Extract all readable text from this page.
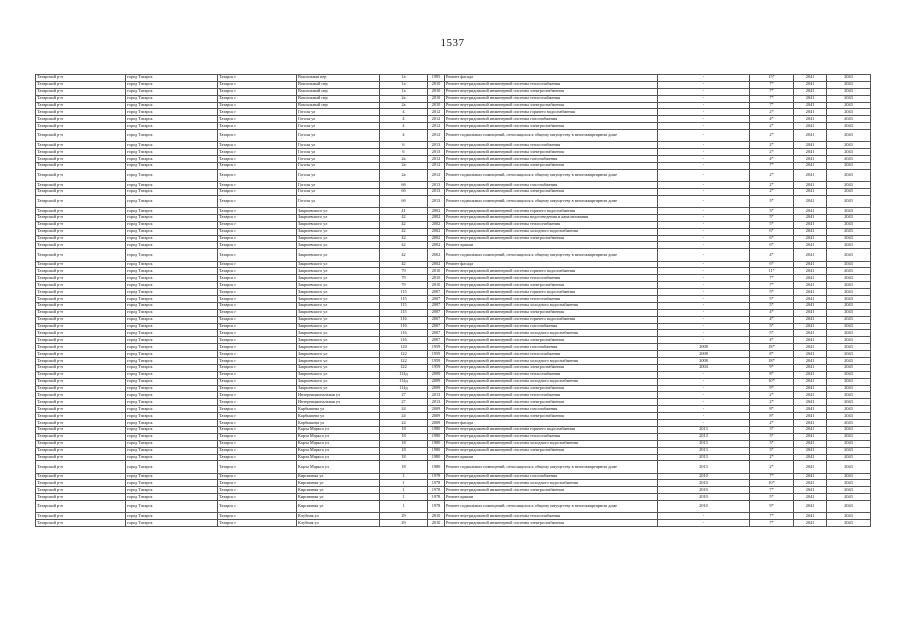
1537
Татарский р-н	город Татарск	Татарск г	Вокзальная пер	1а	1995	Ремонт фасада	-	15*	2041	2043
Татарский р-н	город Татарск	Татарск г	Вокзальный пер	1а	2010	Ремонт внутридомовой инженерной системы теплоснабжения	-	7*	2041	2043
Татарский р-н	город Татарск	Татарск г	Вокзальный пер	1а	2010	Ремонт внутридомовой инженерной системы электроснабжения	-	7*	2041	2043
Татарский р-н	город Татарск	Татарск г	Вокзальный пер	2а	2010	Ремонт внутридомовой инженерной системы теплоснабжения	-	7*	2041	2043
Татарский р-н	город Татарск	Татарск г	Вокзальный пер	2а	2010	Ремонт внутридомовой инженерной системы электроснабжения	-	7*	2041	2043
Татарский р-н	город Татарск	Татарск г	Гоголя ул	4	2012	Ремонт внутридомовой инженерной системы горячего водоснабжения	-	2*	2041	2043
Татарский р-н	город Татарск	Татарск г	Гоголя ул	4	2012	Ремонт внутридомовой инженерной системы газоснабжения	-	4*	2041	2043
Татарский р-н	город Татарск	Татарск г	Гоголя ул	4	2012	Ремонт внутридомовой инженерной системы электроснабжения	-	2*	2041	2043
Татарский р-н	город Татарск	Татарск г	Гоголя ул	4	2012	Ремонт подвальных помещений, относящихся к общему имуществу в многоквартирном доме	-	2*	2041	2043
Татарский р-н	город Татарск	Татарск г	Гоголя ул	6	2013	Ремонт внутридомовой инженерной системы теплоснабжения	-	2*	2041	2043
Татарский р-н	город Татарск	Татарск г	Гоголя ул	6	2013	Ремонт внутридомовой инженерной системы электроснабжения	-	2*	2041	2043
Татарский р-н	город Татарск	Татарск г	Гоголя ул	2а	2012	Ремонт внутридомовой инженерной системы газоснабжения	-	4*	2041	2043
Татарский р-н	город Татарск	Татарск г	Гоголя ул	2а	2012	Ремонт внутридомовой инженерной системы электроснабжения	-	7*	2041	2043
Татарский р-н	город Татарск	Татарск г	Гоголя ул	2а	2012	Ремонт подвальных помещений, относящихся к общему имуществу в многоквартирном доме	-	2*	2041	2043
Татарский р-н	город Татарск	Татарск г	Гоголя ул	6б	2013	Ремонт внутридомовой инженерной системы газоснабжения	-	2*	2041	2043
Татарский р-н	город Татарск	Татарск г	Гоголя ул	6б	2013	Ремонт внутридомовой инженерной системы электроснабжения	-	2*	2041	2043
Татарский р-н	город Татарск	Татарск г	Гоголя ул	6б	2013	Ремонт подвальных помещений, относящихся к общему имуществу в многоквартирном доме	-	3*	2041	2043
Татарский р-н	город Татарск	Татарск г	Закриевского ул	41	2002	Ремонт внутридомовой инженерной системы горячего водоснабжения	-	3*	2041	2043
Татарский р-н	город Татарск	Татарск г	Закриевского ул	42	2002	Ремонт внутридомовой инженерной системы водоотведения и канализования	-	5*	2041	2043
Татарский р-н	город Татарск	Татарск г	Закриевского ул	42	2002	Ремонт внутридомовой инженерной системы теплоснабжения	-	5*	2041	2043
Татарский р-н	город Татарск	Татарск г	Закриевского ул	42	2002	Ремонт внутридомовой инженерной системы холодного водоснабжения	-	6*	2041	2043
Татарский р-н	город Татарск	Татарск г	Закриевского ул	42	2002	Ремонт внутридомовой инженерной системы электроснабжения	-	6*	2041	2043
Татарский р-н	город Татарск	Татарск г	Закриевского ул	42	2002	Ремонт крыши	-	6*	2041	2043
Татарский р-н	город Татарск	Татарск г	Закриевского ул	42	2002	Ремонт подвальных помещений, относящихся к общему имуществу в многоквартирном доме	-	4*	2041	2043
Татарский р-н	город Татарск	Татарск г	Закриевского ул	42	2002	Ремонт фасада	-	6*	2041	2043
Татарский р-н	город Татарск	Татарск г	Закриевского ул	79	2010	Ремонт внутридомовой инженерной системы горячего водоснабжения	-	11*	2041	2043
Татарский р-н	город Татарск	Татарск г	Закриевского ул	79	2010	Ремонт внутридомовой инженерной системы теплоснабжения	-	7*	2041	2043
Татарский р-н	город Татарск	Татарск г	Закриевского ул	79	2010	Ремонт внутридомовой инженерной системы электроснабжения	-	7*	2041	2043
Татарский р-н	город Татарск	Татарск г	Закриевского ул	115	2007	Ремонт внутридомовой инженерной системы горячего водоснабжения	-	5*	2041	2043
Татарский р-н	город Татарск	Татарск г	Закриевского ул	115	2007	Ремонт внутридомовой инженерной системы теплоснабжения	-	5*	2041	2043
Татарский р-н	город Татарск	Татарск г	Закриевского ул	115	2007	Ремонт внутридомовой инженерной системы холодного водоснабжения	-	5*	2041	2043
Татарский р-н	город Татарск	Татарск г	Закриевского ул	115	2007	Ремонт внутридомовой инженерной системы электроснабжения	-	4*	2041	2043
Татарский р-н	город Татарск	Татарск г	Закриевского ул	116	2007	Ремонт внутридомовой инженерной системы горячего водоснабжения	-	4*	2041	2043
Татарский р-н	город Татарск	Татарск г	Закриевского ул	116	2007	Ремонт внутридомовой инженерной системы газоснабжения	-	5*	2041	2043
Татарский р-н	город Татарск	Татарск г	Закриевского ул	116	2007	Ремонт внутридомовой инженерной системы холодного водоснабжения	-	5*	2041	2043
Татарский р-н	город Татарск	Татарск г	Закриевского ул	116	2007	Ремонт внутридомовой инженерной системы электроснабжения	-	4*	2041	2043
Татарский р-н	город Татарск	Татарск г	Закриевского ул	120	1959	Ремонт внутридомовой инженерной системы газоснабжения	2008	18*	2041	2043
Татарский р-н	город Татарск	Татарск г	Закриевского ул	122	1959	Ремонт внутридомовой инженерной системы теплоснабжения	2008	8*	2041	2043
Татарский р-н	город Татарск	Татарск г	Закриевского ул	122	1959	Ремонт внутридомовой инженерной системы холодного водоснабжения	2008	18*	2041	2043
Татарский р-н	город Татарск	Татарск г	Закриевского ул	122	1959	Ремонт внутридомовой инженерной системы электроснабжения	2004	9*	2041	2043
Татарский р-н	город Татарск	Татарск г	Закриевского ул	114д	2009	Ремонт внутридомовой инженерной системы теплоснабжения	-	8*	2041	2043
Татарский р-н	город Татарск	Татарск г	Закриевского ул	114д	2009	Ремонт внутридомовой инженерной системы холодного водоснабжения	-	10*	2041	2043
Татарский р-н	город Татарск	Татарск г	Закриевского ул	114д	2009	Ремонт внутридомовой инженерной системы электроснабжения	-	9*	2041	2043
Татарский р-н	город Татарск	Татарск г	Интернациональная ул	27	2013	Ремонт внутридомовой инженерной системы теплоснабжения	-	2*	2041	2043
Татарский р-н	город Татарск	Татарск г	Интернациональная ул	27	2013	Ремонт внутридомовой инженерной системы электроснабжения	-	2*	2041	2043
Татарский р-н	город Татарск	Татарск г	Карбышева ул	24	2009	Ремонт внутридомовой инженерной системы газоснабжения	-	8*	2041	2043
Татарский р-н	город Татарск	Татарск г	Карбышева ул	24	2009	Ремонт внутридомовой инженерной системы электроснабжения	-	8*	2041	2043
Татарский р-н	город Татарск	Татарск г	Карбышева ул	24	2009	Ремонт фасада	-	2*	2041	2043
Татарский р-н	город Татарск	Татарск г	Карла Маркса ул	18	1980	Ремонт внутридомовой инженерной системы горячего водоснабжения	2013	3*	2041	2043
Татарский р-н	город Татарск	Татарск г	Карла Маркса ул	18	1980	Ремонт внутридомовой инженерной системы теплоснабжения	2013	3*	2041	2043
Татарский р-н	город Татарск	Татарск г	Карла Маркса ул	18	1980	Ремонт внутридомовой инженерной системы холодного водоснабжения	2013	3*	2041	2043
Татарский р-н	город Татарск	Татарск г	Карла Маркса ул	18	1980	Ремонт внутридомовой инженерной системы электроснабжения	2013	3*	2041	2043
Татарский р-н	город Татарск	Татарск г	Карла Маркса ул	18	1980	Ремонт крыши	2013	2*	2041	2043
Татарский р-н	город Татарск	Татарск г	Карла Маркса ул	18	1980	Ремонт подвальных помещений, относящихся к общему имуществу в многоквартирном доме	2013	2*	2041	2043
Татарский р-н	город Татарск	Татарск г	Кирпичная ул	1	1978	Ремонт внутридомовой инженерной системы газоснабжения	2010	7*	2041	2043
Татарский р-н	город Татарск	Татарск г	Кирпичная ул	1	1978	Ремонт внутридомовой инженерной системы холодного водоснабжения	2010	10*	2041	2043
Татарский р-н	город Татарск	Татарск г	Кирпичная ул	1	1978	Ремонт внутридомовой инженерной системы электроснабжения	2010	7*	2041	2043
Татарский р-н	город Татарск	Татарск г	Кирпичная ул	1	1978	Ремонт крыши	2010	5*	2041	2043
Татарский р-н	город Татарск	Татарск г	Кирпичная ул	1	1978	Ремонт подвальных помещений, относящихся к общему имуществу в многоквартирном доме	2010	9*	2041	2043
Татарский р-н	город Татарск	Татарск г	Клубная ул	29	2010	Ремонт внутридомовой инженерной системы теплоснабжения	-	7*	2041	2043
Татарский р-н	город Татарск	Татарск г	Клубная ул	29	2010	Ремонт внутридомовой инженерной системы электроснабжения	-	7*	2041	2043
